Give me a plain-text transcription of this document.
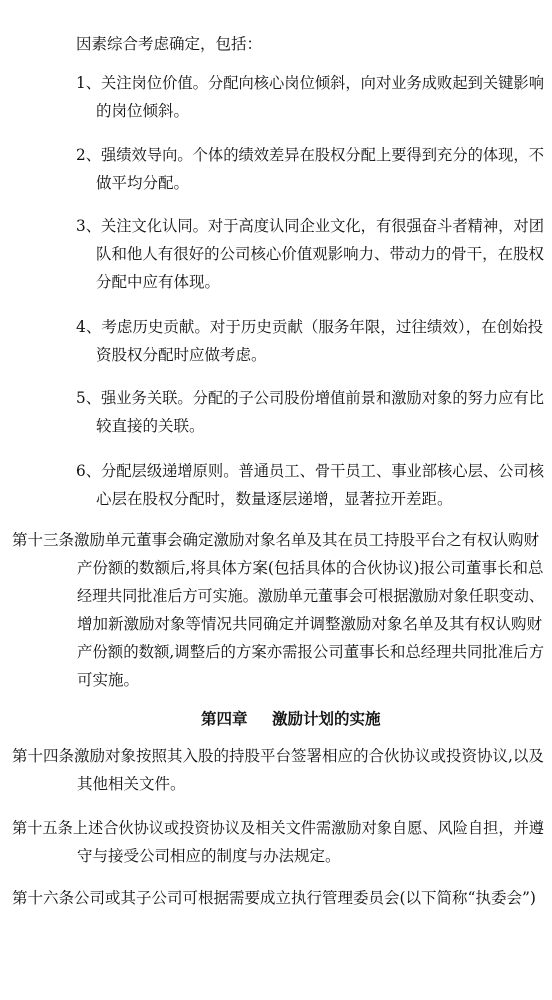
因素综合考虑确定，包括：
1、关注岗位价值。分配向核心岗位倾斜，向对业务成败起到关键影响
的岗位倾斜。
2、强绩效导向。个体的绩效差异在股权分配上要得到充分的体现，不
做平均分配。
3、关注文化认同。对于高度认同企业文化，有很强奋斗者精神，对团
队和他人有很好的公司核心价值观影响力、带动力的骨干，在股权
分配中应有体现。
4、考虑历史贡献。对于历史贡献（服务年限，过往绩效），在创始投
资股权分配时应做考虑。
5、强业务关联。分配的子公司股份增值前景和激励对象的努力应有比
较直接的关联。
6、分配层级递增原则。普通员工、骨干员工、事业部核心层、公司核
心层在股权分配时，数量逐层递增，显著拉开差距。
第十三条激励单元董事会确定激励对象名单及其在员工持股平台之有权认购财
产份额的数额后,将具体方案(包括具体的合伙协议)报公司董事长和总
经理共同批准后方可实施。激励单元董事会可根据激励对象任职变动、
增加新激励对象等情况共同确定并调整激励对象名单及其有权认购财
产份额的数额,调整后的方案亦需报公司董事长和总经理共同批准后方
可实施。
第四章 激励计划的实施
第十四条激励对象按照其入股的持股平台签署相应的合伙协议或投资协议,以及
其他相关文件。
第十五条上述合伙协议或投资协议及相关文件需激励对象自愿、风险自担，并遵
守与接受公司相应的制度与办法规定。
第十六条公司或其子公司可根据需要成立执行管理委员会(以下简称“执委会”)
